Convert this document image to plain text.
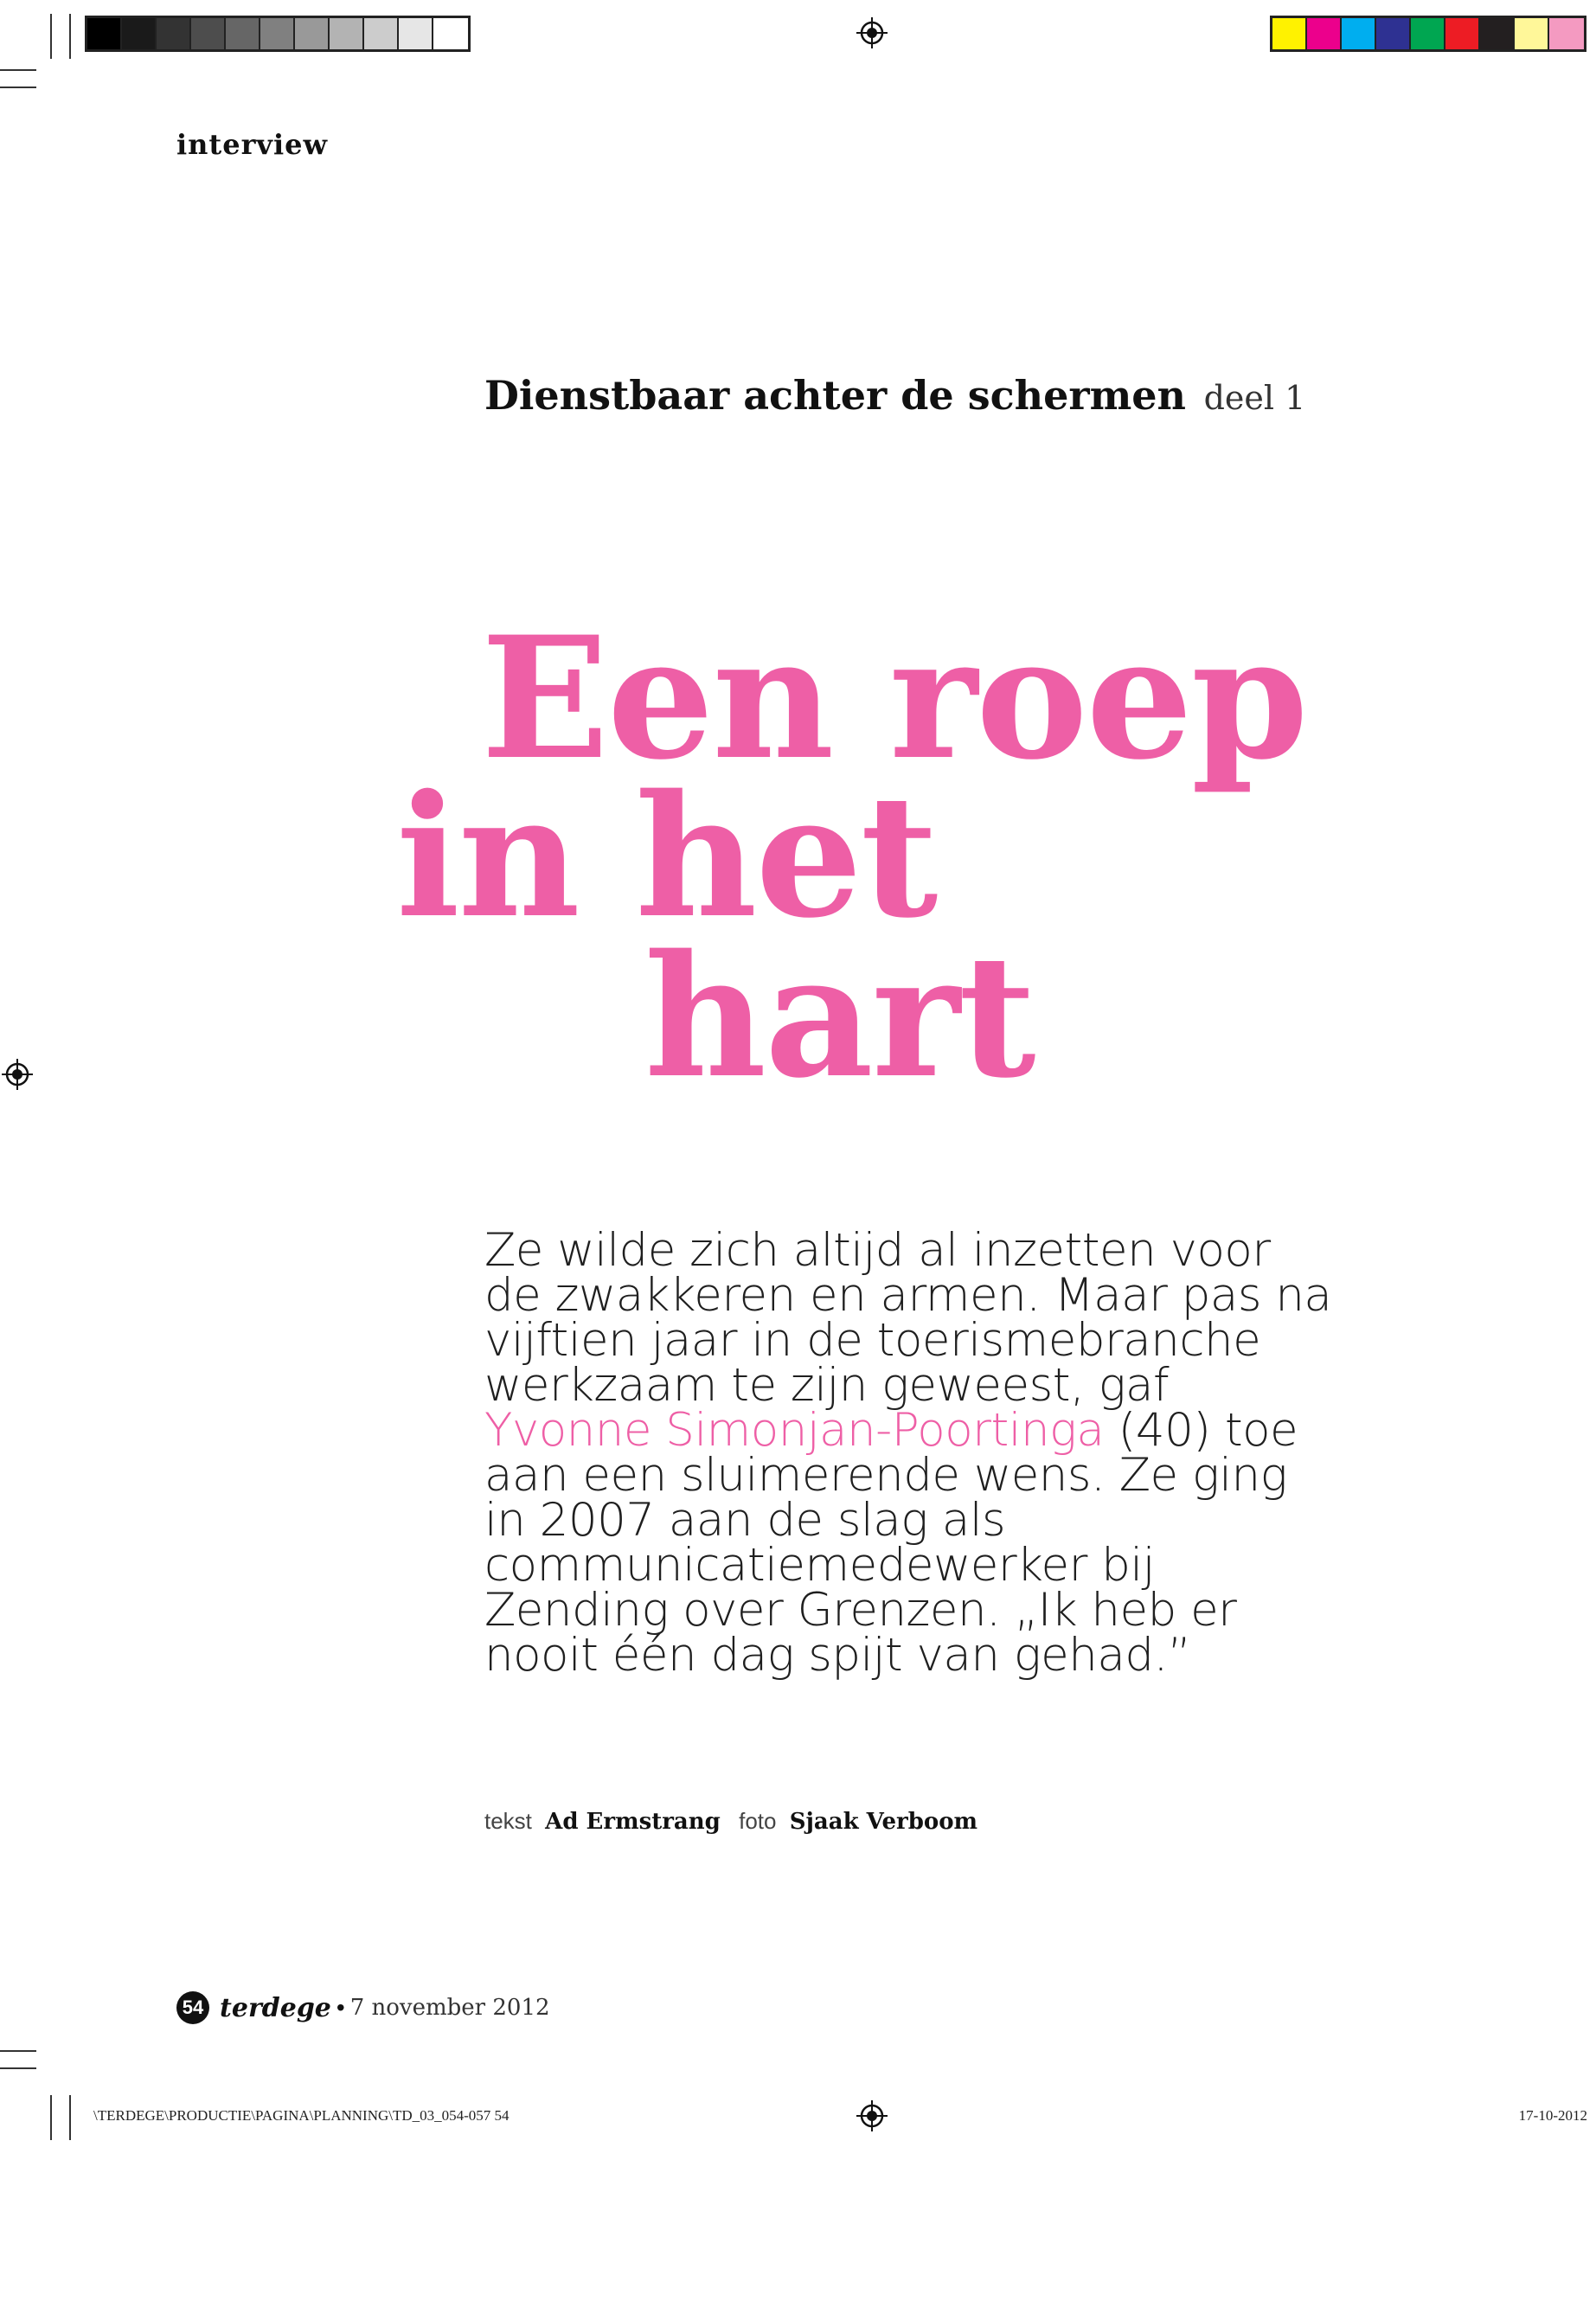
interview
Dienstbaar achter de schermen deel 1
Een roep
in het
hart
Ze wilde zich altijd al inzetten voor de zwakkeren en armen. Maar pas na vijftien jaar in de toerismebranche werkzaam te zijn geweest, gaf Yvonne Simonjan-Poortinga (40) toe aan een sluimerende wens. Ze ging in 2007 aan de slag als communicatiemedewerker bij Zending over Grenzen. „Ik heb er nooit één dag spijt van gehad.”
tekst Ad Ermstrang foto Sjaak Verboom
54 terdege • 7 november 2012
\TERDEGE\PRODUCTIE\PAGINA\PLANNING\TD_03_054-057 54	17-10-2012
